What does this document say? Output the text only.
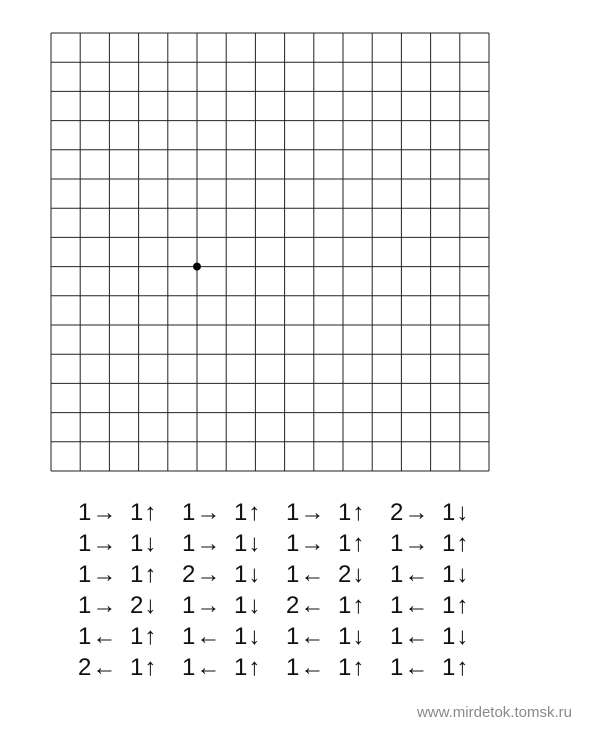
1→ 1↑	1→ 1↑	1→ 1↑	2→ 1↓
1→ 1↓	1→ 1↓	1→ 1↑	1→ 1↑
1→ 1↑	2→ 1↓	1← 2↓	1← 1↓
1→ 2↓	1→ 1↓	2← 1↑	1← 1↑
1← 1↑	1← 1↓	1← 1↓	1← 1↓
2← 1↑	1← 1↑	1← 1↑	1← 1↑
www.mirdetok.tomsk.ru
